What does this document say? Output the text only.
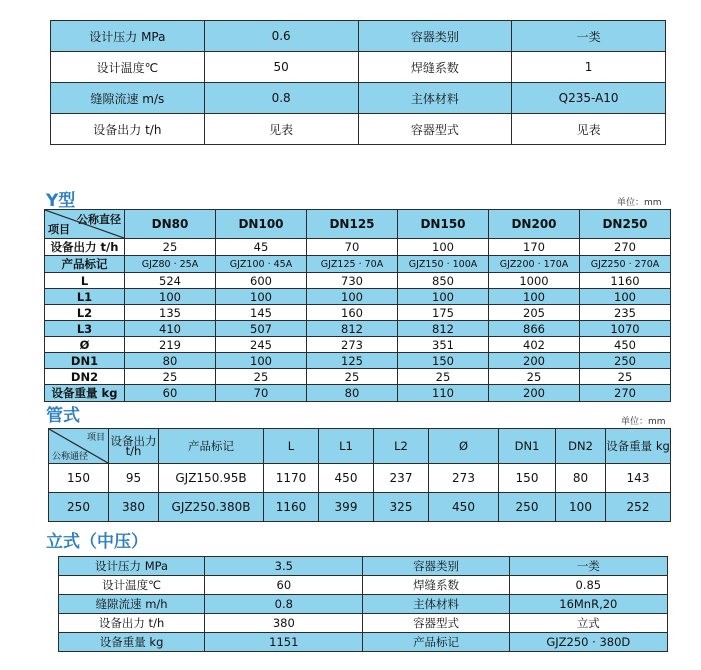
设计压力 MPa	0.6	容器类别	一类
设计温度℃	50	焊缝系数	1
缝隙流速 m/s	0.8	主体材料	Q235-A10
设备出力 t/h	见表	容器型式	见表
Y型	单位：mm
公称直径
项目	DN80	DN100	DN125	DN150	DN200	DN250
设备出力 t/h	25	45	70	100	170	270
产品标记	GJZ80 · 25A	GJZ100 · 45A	GJZ125 · 70A	GJZ150 · 100A	GJZ200 · 170A	GJZ250 · 270A
L	524	600	730	850	1000	1160
L1	100	100	100	100	100	100
L2	135	145	160	175	205	235
L3	410	507	812	812	866	1070
Ø	219	245	273	351	402	450
DN1	80	100	125	150	200	250
DN2	25	25	25	25	25	25
设备重量 kg	60	70	80	110	200	270
管式	单位：mm
项目
公称通径	设备出力 t/h	产品标记	L	L1	L2	Ø	DN1	DN2	设备重量 kg
150	95	GJZ150.95B	1170	450	237	273	150	80	143
250	380	GJZ250.380B	1160	399	325	450	250	100	252
立式（中压）
设计压力 MPa	3.5	容器类别	一类
设计温度℃	60	焊缝系数	0.85
缝隙流速 m/h	0.8	主体材料	16MnR,20
设备出力 t/h	380	容器型式	立式
设备重量 kg	1151	产品标记	GJZ250 · 380D
